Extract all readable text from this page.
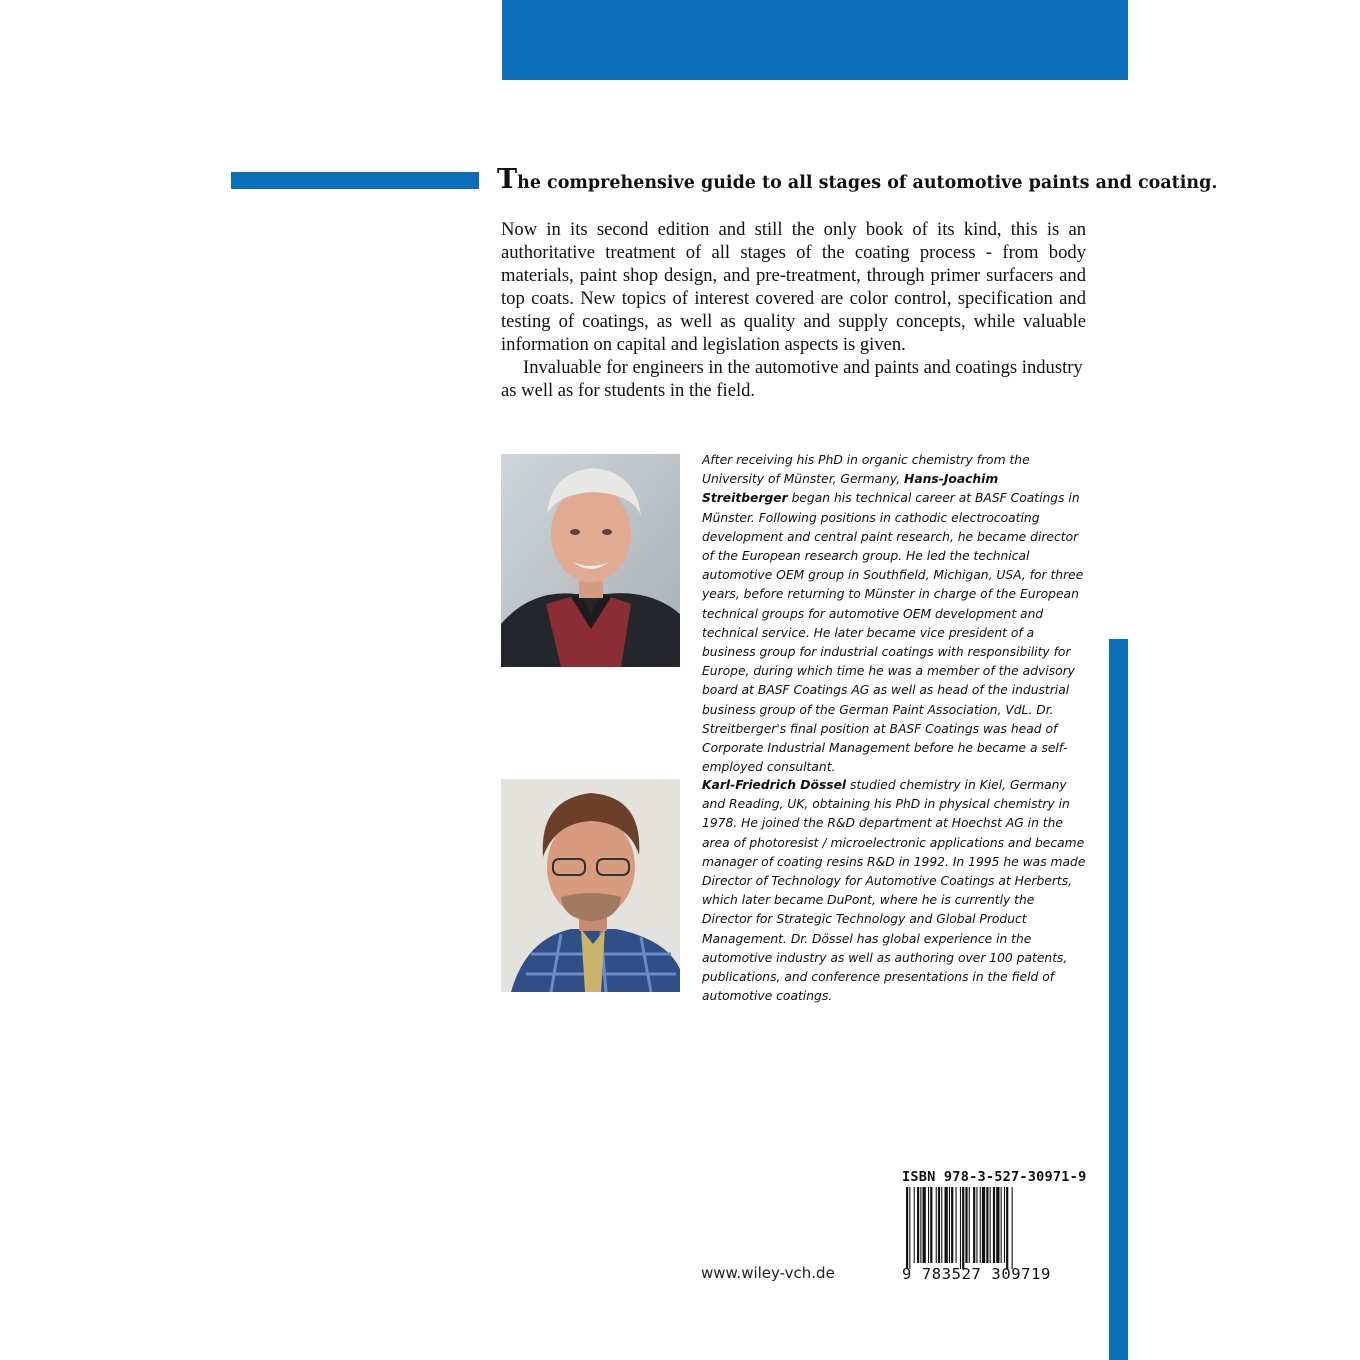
The comprehensive guide to all stages of automotive paints and coating.

Now in its second edition and still the only book of its kind, this is an authoritative treatment of all stages of the coating process - from body materials, paint shop design, and pre-treatment, through primer surfacers and top coats. New topics of interest covered are color control, specification and testing of coatings, as well as quality and supply concepts, while valuable information on capital and legislation aspects is given.

Invaluable for engineers in the automotive and paints and coatings industry as well as for students in the field.

After receiving his PhD in organic chemistry from the University of Münster, Germany, Hans-Joachim Streitberger began his technical career at BASF Coatings in Münster. Following positions in cathodic electrocoating development and central paint research, he became director of the European research group. He led the technical automotive OEM group in Southfield, Michigan, USA, for three years, before returning to Münster in charge of the European technical groups for automotive OEM development and technical service. He later became vice president of a business group for industrial coatings with responsibility for Europe, during which time he was a member of the advisory board at BASF Coatings AG as well as head of the industrial business group of the German Paint Association, VdL. Dr. Streitberger's final position at BASF Coatings was head of Corporate Industrial Management before he became a self-employed consultant.

Karl-Friedrich Dössel studied chemistry in Kiel, Germany and Reading, UK, obtaining his PhD in physical chemistry in 1978. He joined the R&D department at Hoechst AG in the area of photoresist / microelectronic applications and became manager of coating resins R&D in 1992. In 1995 he was made Director of Technology for Automotive Coatings at Herberts, which later became DuPont, where he is currently the Director for Strategic Technology and Global Product Management. Dr. Dössel has global experience in the automotive industry as well as authoring over 100 patents, publications, and conference presentations in the field of automotive coatings.

www.wiley-vch.de
ISBN 978-3-527-30971-9
9 783527 309719
